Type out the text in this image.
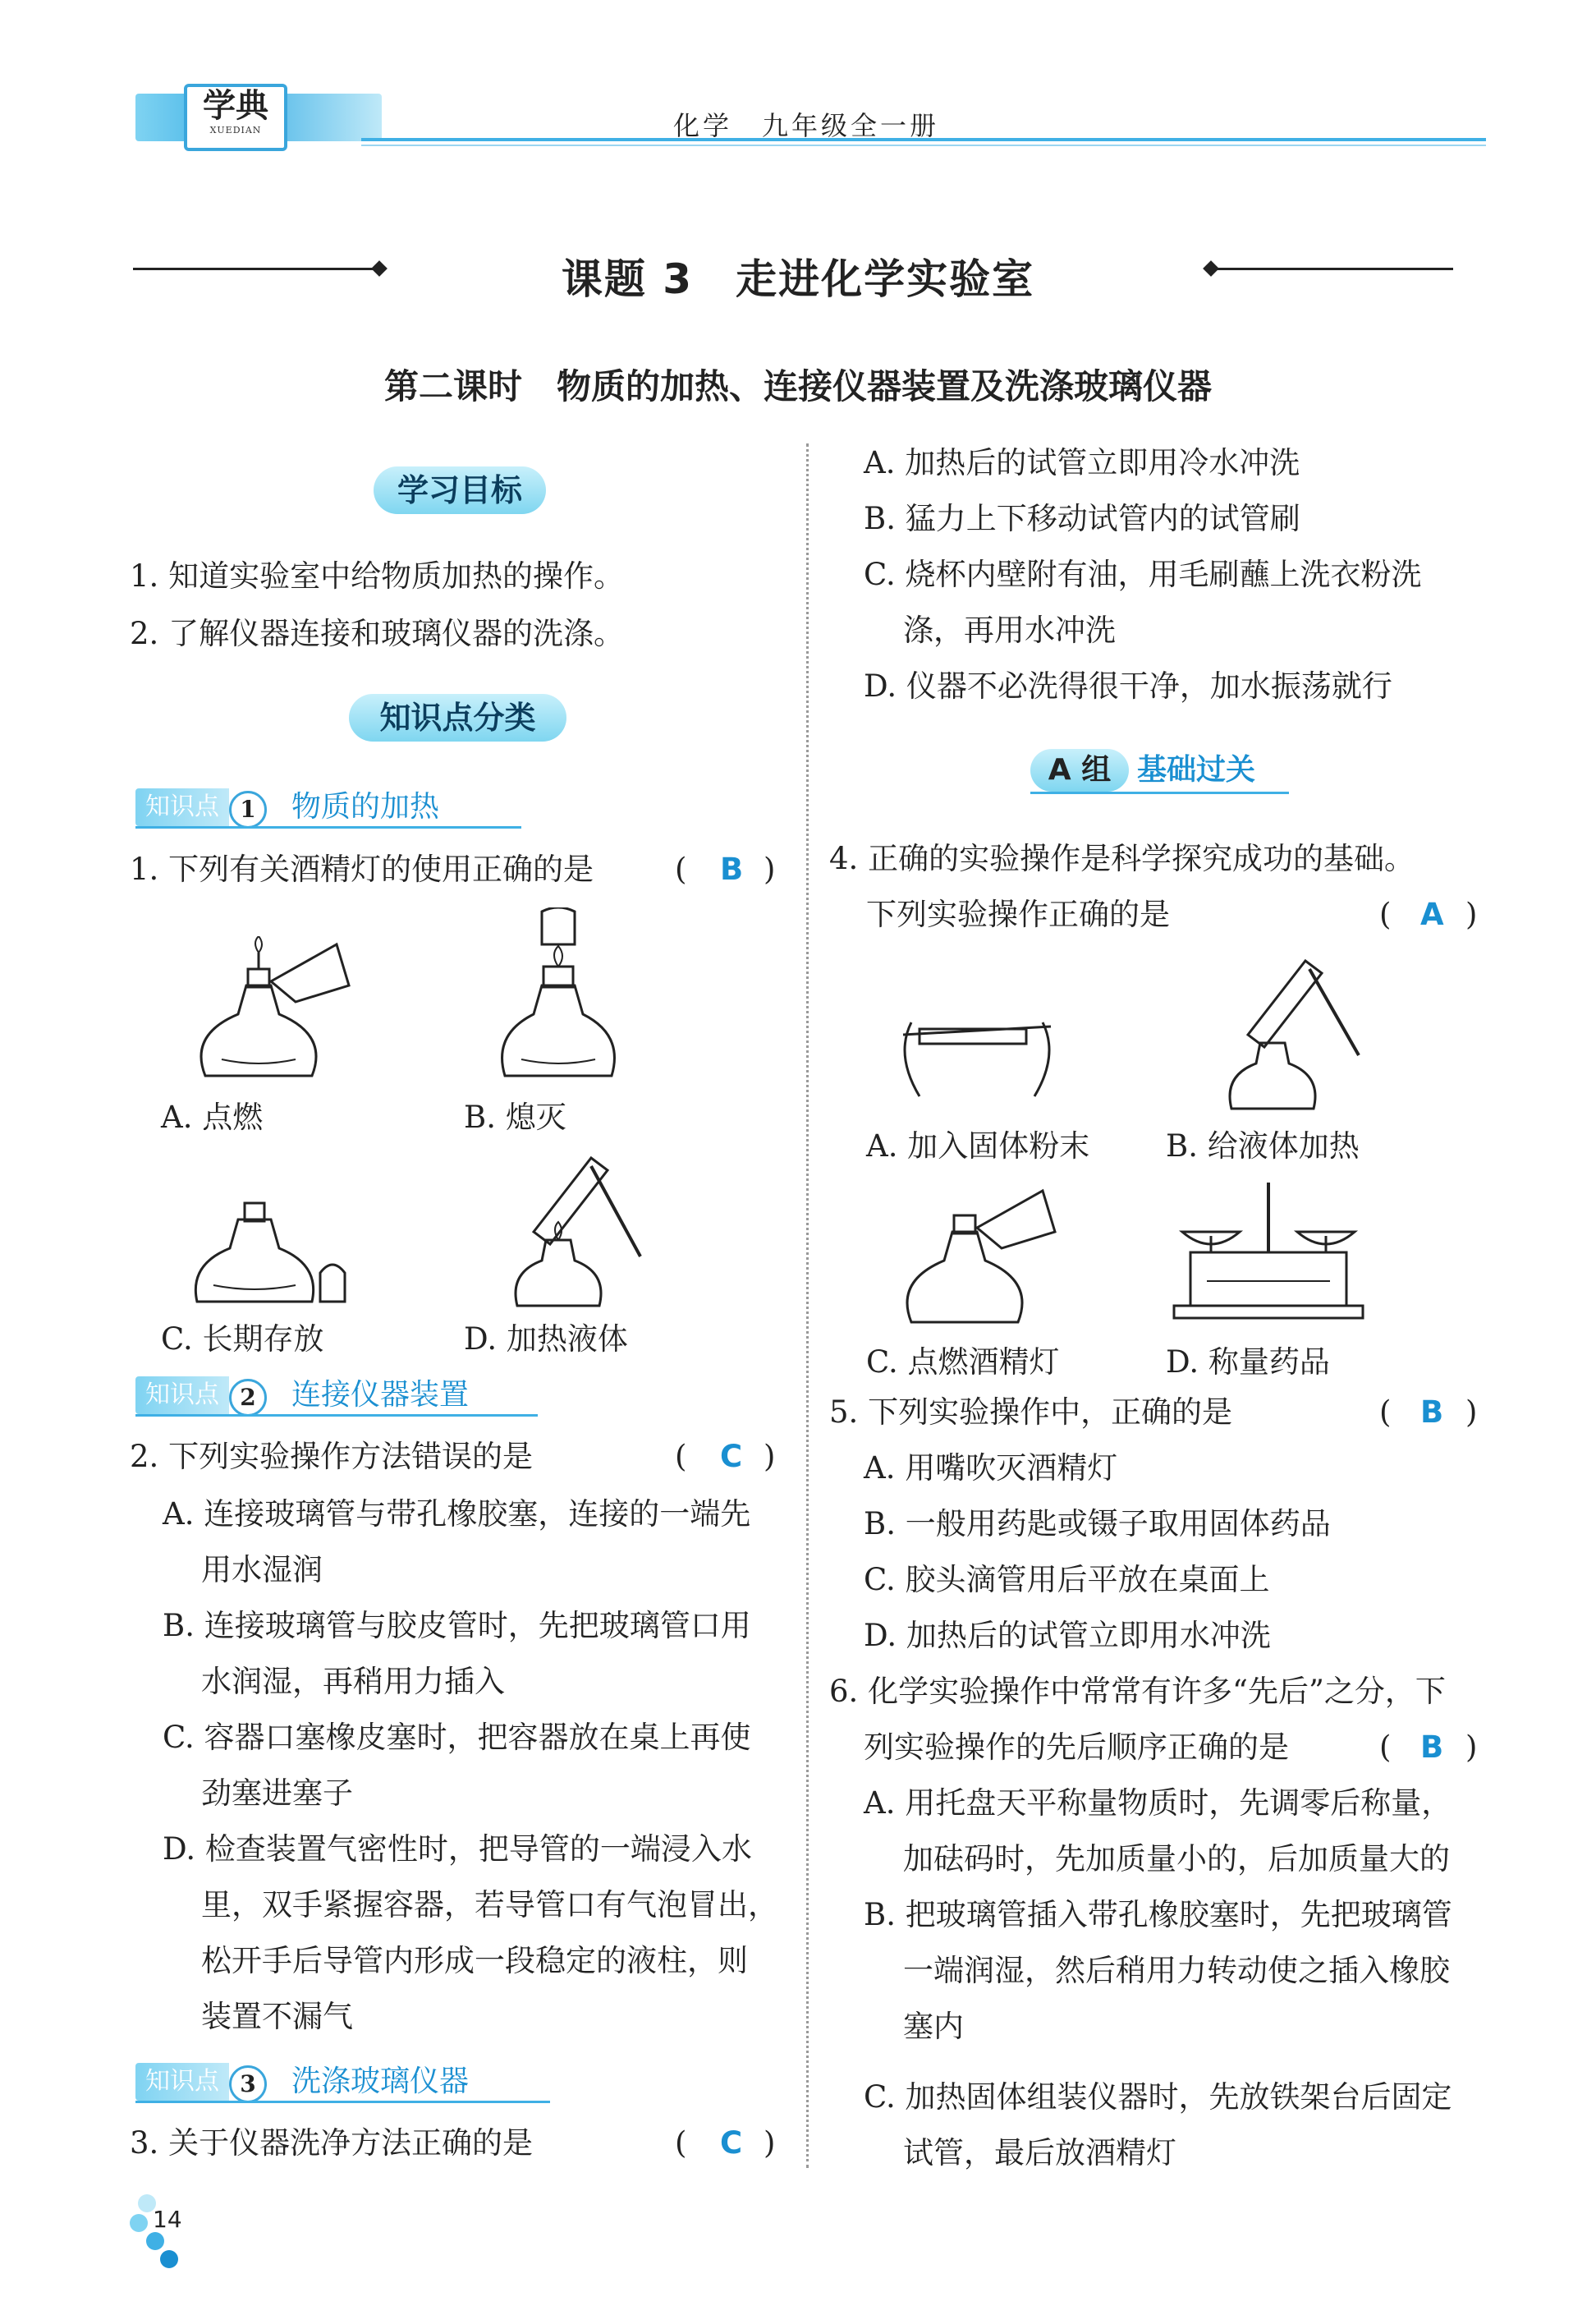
学典
XUEDIAN	化学　九年级全一册
课题 3　走进化学实验室
第二课时　物质的加热、连接仪器装置及洗涤玻璃仪器
学习目标
1. 知道实验室中给物质加热的操作。
2. 了解仪器连接和玻璃仪器的洗涤。
知识点分类
知识点 1 物质的加热
1. 下列有关酒精灯的使用正确的是	( B )
A. 点燃	B. 熄灭
C. 长期存放	D. 加热液体
知识点 2 连接仪器装置
2. 下列实验操作方法错误的是	( C )
A. 连接玻璃管与带孔橡胶塞，连接的一端先
用水湿润
B. 连接玻璃管与胶皮管时，先把玻璃管口用
水润湿，再稍用力插入
C. 容器口塞橡皮塞时，把容器放在桌上再使
劲塞进塞子
D. 检查装置气密性时，把导管的一端浸入水
里，双手紧握容器，若导管口有气泡冒出，
松开手后导管内形成一段稳定的液柱，则
装置不漏气
知识点 3 洗涤玻璃仪器
3. 关于仪器洗净方法正确的是	( C )
A. 加热后的试管立即用冷水冲洗
B. 猛力上下移动试管内的试管刷
C. 烧杯内壁附有油，用毛刷蘸上洗衣粉洗
涤，再用水冲洗
D. 仪器不必洗得很干净，加水振荡就行
A 组 基础过关
4. 正确的实验操作是科学探究成功的基础。
下列实验操作正确的是	( A )
A. 加入固体粉末	B. 给液体加热
C. 点燃酒精灯	D. 称量药品
5. 下列实验操作中，正确的是	( B )
A. 用嘴吹灭酒精灯
B. 一般用药匙或镊子取用固体药品
C. 胶头滴管用后平放在桌面上
D. 加热后的试管立即用水冲洗
6. 化学实验操作中常常有许多“先后”之分，下
列实验操作的先后顺序正确的是	( B )
A. 用托盘天平称量物质时，先调零后称量，
加砝码时，先加质量小的，后加质量大的
B. 把玻璃管插入带孔橡胶塞时，先把玻璃管
一端润湿，然后稍用力转动使之插入橡胶
塞内
C. 加热固体组装仪器时，先放铁架台后固定
试管，最后放酒精灯
14
